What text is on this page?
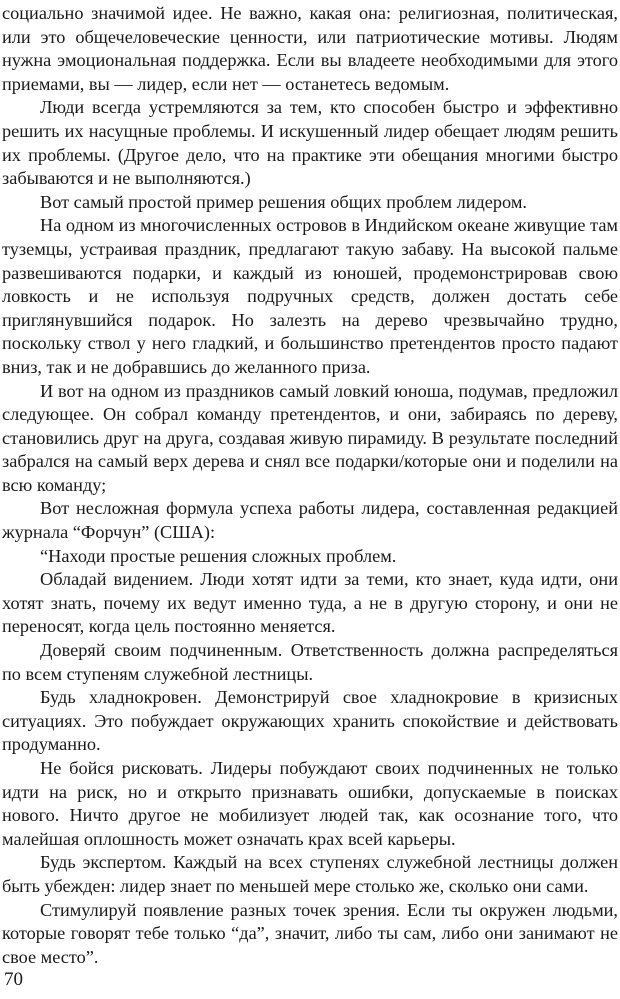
социально значимой идее. Не важно, какая она: религиозная, политическая, или это общечеловеческие ценности, или патриотические мотивы. Людям нужна эмоциональная поддержка. Если вы владеете необходимыми для этого приемами, вы — лидер, если нет — останетесь ведомым.

Люди всегда устремляются за тем, кто способен быстро и эффективно решить их насущные проблемы. И искушенный лидер обещает людям решить их проблемы. (Другое дело, что на практике эти обещания многими быстро забываются и не выполняются.)

Вот самый простой пример решения общих проблем лидером.

На одном из многочисленных островов в Индийском океане живущие там туземцы, устраивая праздник, предлагают такую забаву. На высокой пальме развешиваются подарки, и каждый из юношей, продемонстрировав свою ловкость и не используя подручных средств, должен достать себе приглянувшийся подарок. Но залезть на дерево чрезвычайно трудно, поскольку ствол у него гладкий, и большинство претендентов просто падают вниз, так и не добравшись до желанного приза.

И вот на одном из праздников самый ловкий юноша, подумав, предложил следующее. Он собрал команду претендентов, и они, забираясь по дереву, становились друг на друга, создавая живую пирамиду. В результате последний забрался на самый верх дерева и снял все подарки/которые они и поделили на всю команду;

Вот несложная формула успеха работы лидера, составленная редакцией журнала “Форчун” (США):

“Находи простые решения сложных проблем.

Обладай видением. Люди хотят идти за теми, кто знает, куда идти, они хотят знать, почему их ведут именно туда, а не в другую сторону, и они не переносят, когда цель постоянно меняется.

Доверяй своим подчиненным. Ответственность должна распределяться по всем ступеням служебной лестницы.

Будь хладнокровен. Демонстрируй свое хладнокровие в кризисных ситуациях. Это побуждает окружающих хранить спокойствие и действовать продуманно.

Не бойся рисковать. Лидеры побуждают своих подчиненных не только идти на риск, но и открыто признавать ошибки, допускаемые в поисках нового. Ничто другое не мобилизует людей так, как осознание того, что малейшая оплошность может означать крах всей карьеры.

Будь экспертом. Каждый на всех ступенях служебной лестницы должен быть убежден: лидер знает по меньшей мере столько же, сколько они сами.

Стимулируй появление разных точек зрения. Если ты окружен людьми, которые говорят тебе только “да”, значит, либо ты сам, либо они занимают не свое место”.

70
